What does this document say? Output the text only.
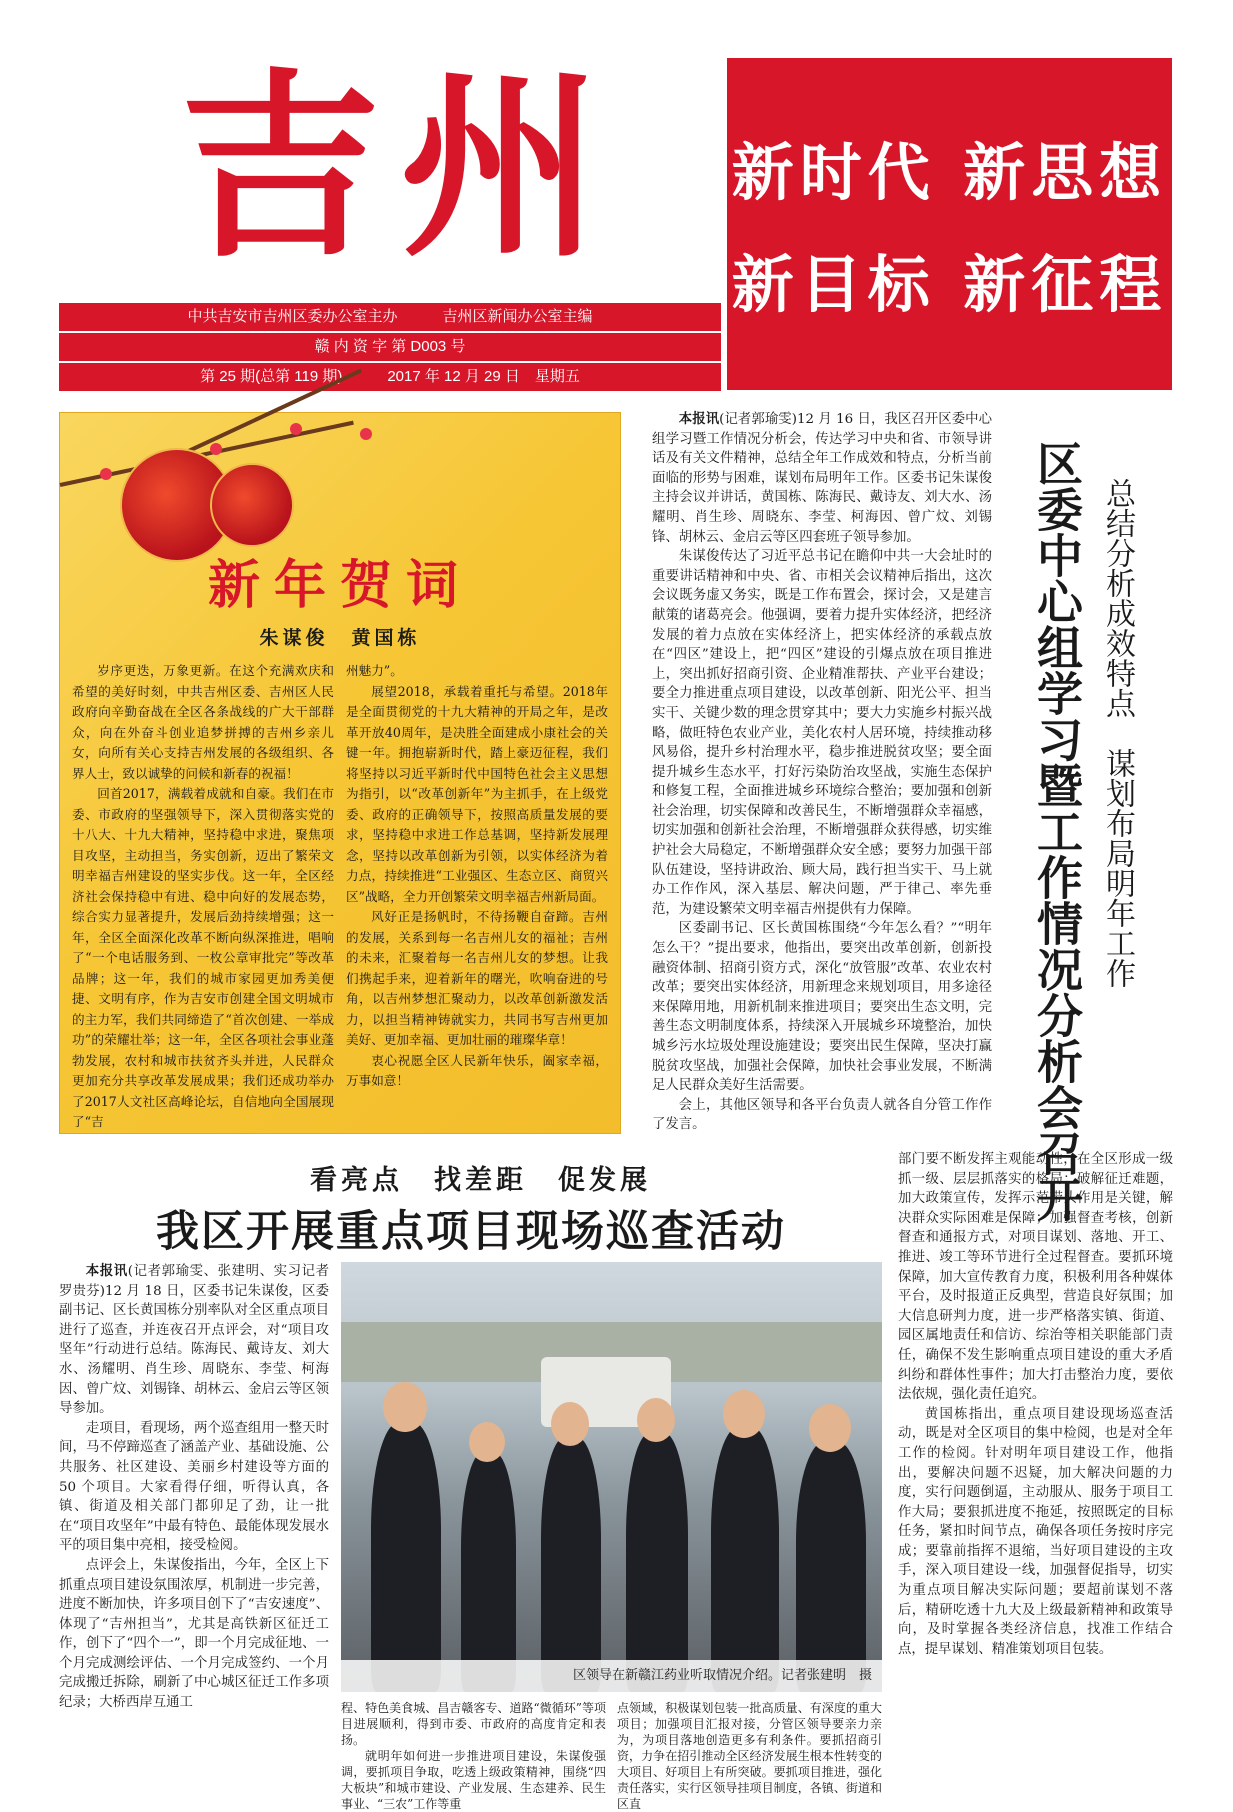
吉州 新时代 新思想
新目标 新征程
中共吉安市吉州区委办公室主办　　　吉州区新闻办公室主编
赣 内 资 字 第 D003 号
第 25 期(总第 119 期)　　　2017 年 12 月 29 日　星期五
新年贺词
朱谋俊　黄国栋

岁序更迭，万象更新。在这个充满欢庆和希望的美好时刻，中共吉州区委、吉州区人民政府向辛勤奋战在全区各条战线的广大干部群众，向在外奋斗创业追梦拼搏的吉州乡亲儿女，向所有关心支持吉州发展的各级组织、各界人士，致以诚挚的问候和新春的祝福！

回首2017，满载着成就和自豪。我们在市委、市政府的坚强领导下，深入贯彻落实党的十八大、十九大精神，坚持稳中求进，聚焦项目攻坚，主动担当，务实创新，迈出了繁荣文明幸福吉州建设的坚实步伐。这一年，全区经济社会保持稳中有进、稳中向好的发展态势，综合实力显著提升，发展后劲持续增强；这一年，全区全面深化改革不断向纵深推进，唱响了“一个电话服务到、一枚公章审批完”等改革品牌；这一年，我们的城市家园更加秀美便捷、文明有序，作为吉安市创建全国文明城市的主力军，我们共同缔造了“首次创建、一举成功”的荣耀壮举；这一年，全区各项社会事业蓬勃发展，农村和城市扶贫齐头并进，人民群众更加充分共享改革发展成果；我们还成功举办了2017人文社区高峰论坛，自信地向全国展现了“吉

州魅力”。

展望2018，承载着重托与希望。2018年是全面贯彻党的十九大精神的开局之年，是改革开放40周年，是决胜全面建成小康社会的关键一年。拥抱崭新时代，踏上豪迈征程，我们将坚持以习近平新时代中国特色社会主义思想为指引，以“改革创新年”为主抓手，在上级党委、政府的正确领导下，按照高质量发展的要求，坚持稳中求进工作总基调，坚持新发展理念，坚持以改革创新为引领，以实体经济为着力点，持续推进“工业强区、生态立区、商贸兴区”战略，全力开创繁荣文明幸福吉州新局面。

风好正是扬帆时，不待扬鞭自奋蹄。吉州的发展，关系到每一名吉州儿女的福祉；吉州的未来，汇聚着每一名吉州儿女的梦想。让我们携起手来，迎着新年的曙光，吹响奋进的号角，以吉州梦想汇聚动力，以改革创新激发活力，以担当精神铸就实力，共同书写吉州更加美好、更加幸福、更加壮丽的璀璨华章！

衷心祝愿全区人民新年快乐，阖家幸福，万事如意！

本报讯(记者郭瑜雯)12 月 16 日，我区召开区委中心组学习暨工作情况分析会，传达学习中央和省、市领导讲话及有关文件精神，总结全年工作成效和特点，分析当前面临的形势与困难，谋划布局明年工作。区委书记朱谋俊主持会议并讲话，黄国栋、陈海民、戴诗友、刘大水、汤耀明、肖生珍、周晓东、李莹、柯海因、曾广炆、刘锡锋、胡林云、金启云等区四套班子领导参加。

朱谋俊传达了习近平总书记在瞻仰中共一大会址时的重要讲话精神和中央、省、市相关会议精神后指出，这次会议既务虚又务实，既是工作布置会，探讨会，又是建言献策的诸葛亮会。他强调，要着力提升实体经济，把经济发展的着力点放在实体经济上，把实体经济的承载点放在“四区”建设上，把“四区”建设的引爆点放在项目推进上，突出抓好招商引资、企业精准帮扶、产业平台建设；要全力推进重点项目建设，以改革创新、阳光公平、担当实干、关键少数的理念贯穿其中；要大力实施乡村振兴战略，做旺特色农业产业，美化农村人居环境，持续推动移风易俗，提升乡村治理水平，稳步推进脱贫攻坚；要全面提升城乡生态水平，打好污染防治攻坚战，实施生态保护和修复工程，全面推进城乡环境综合整治；要加强和创新社会治理，切实保障和改善民生，不断增强群众幸福感，切实加强和创新社会治理，不断增强群众获得感，切实维护社会大局稳定，不断增强群众安全感；要努力加强干部队伍建设，坚持讲政治、顾大局，践行担当实干、马上就办工作作风，深入基层、解决问题，严于律己、率先垂范，为建设繁荣文明幸福吉州提供有力保障。

区委副书记、区长黄国栋围绕“今年怎么看？”“明年怎么干？”提出要求，他指出，要突出改革创新，创新投融资体制、招商引资方式，深化“放管服”改革、农业农村改革；要突出实体经济，用新理念来规划项目，用多途径来保障用地，用新机制来推进项目；要突出生态文明，完善生态文明制度体系，持续深入开展城乡环境整治，加快城乡污水垃圾处理设施建设；要突出民生保障，坚决打赢脱贫攻坚战，加强社会保障，加快社会事业发展，不断满足人民群众美好生活需要。

会上，其他区领导和各平台负责人就各自分管工作作了发言。	区委中心组学习暨工作情况分析会召开 总结分析成效特点　谋划布局明年工作
看亮点　找差距　促发展
我区开展重点项目现场巡查活动

本报讯(记者郭瑜雯、张建明、实习记者罗贵芬)12 月 18 日，区委书记朱谋俊，区委副书记、区长黄国栋分别率队对全区重点项目进行了巡查，并连夜召开点评会，对“项目攻坚年”行动进行总结。陈海民、戴诗友、刘大水、汤耀明、肖生珍、周晓东、李莹、柯海因、曾广炆、刘锡锋、胡林云、金启云等区领导参加。

走项目，看现场，两个巡查组用一整天时间，马不停蹄巡查了涵盖产业、基础设施、公共服务、社区建设、美丽乡村建设等方面的 50 个项目。大家看得仔细，听得认真，各镇、街道及相关部门都卯足了劲，让一批在“项目攻坚年”中最有特色、最能体现发展水平的项目集中亮相，接受检阅。

点评会上，朱谋俊指出，今年，全区上下抓重点项目建设氛围浓厚，机制进一步完善，进度不断加快，许多项目创下了“吉安速度”、体现了“吉州担当”，尤其是高铁新区征迁工作，创下了“四个一”，即一个月完成征地、一个月完成测绘评估、一个月完成签约、一个月完成搬迁拆除，刷新了中心城区征迁工作多项纪录；大桥西岸互通工

区领导在新赣江药业听取情况介绍。记者张建明　摄

程、特色美食城、昌吉赣客专、道路“微循环”等项目进展顺利，得到市委、市政府的高度肯定和表扬。

就明年如何进一步推进项目建设，朱谋俊强调，要抓项目争取，吃透上级政策精神，围绕“四大板块”和城市建设、产业发展、生态建养、民生事业、“三农”工作等重

点领域，积极谋划包装一批高质量、有深度的重大项目；加强项目汇报对接，分管区领导要亲力亲为，为项目落地创造更多有利条件。要抓招商引资，力争在招引推动全区经济发展生根本性转变的大项目、好项目上有所突破。要抓项目推进，强化责任落实，实行区领导挂项目制度，各镇、街道和区直

部门要不断发挥主观能动性，在全区形成一级抓一级、层层抓落实的格局；破解征迁难题，加大政策宣传，发挥示范带头作用是关键，解决群众实际困难是保障；加强督查考核，创新督查和通报方式，对项目谋划、落地、开工、推进、竣工等环节进行全过程督查。要抓环境保障，加大宣传教育力度，积极利用各种媒体平台，及时报道正反典型，营造良好氛围；加大信息研判力度，进一步严格落实镇、街道、园区属地责任和信访、综治等相关职能部门责任，确保不发生影响重点项目建设的重大矛盾纠纷和群体性事件；加大打击整治力度，要依法依规，强化责任追究。

黄国栋指出，重点项目建设现场巡查活动，既是对全区项目的集中检阅，也是对全年工作的检阅。针对明年项目建设工作，他指出，要解决问题不迟疑，加大解决问题的力度，实行问题倒逼，主动服从、服务于项目工作大局；要狠抓进度不拖延，按照既定的目标任务，紧扣时间节点，确保各项任务按时序完成；要靠前指挥不退缩，当好项目建设的主攻手，深入项目建设一线，加强督促指导，切实为重点项目解决实际问题；要超前谋划不落后，精研吃透十九大及上级最新精神和政策导向，及时掌握各类经济信息，找准工作结合点，提早谋划、精准策划项目包装。
